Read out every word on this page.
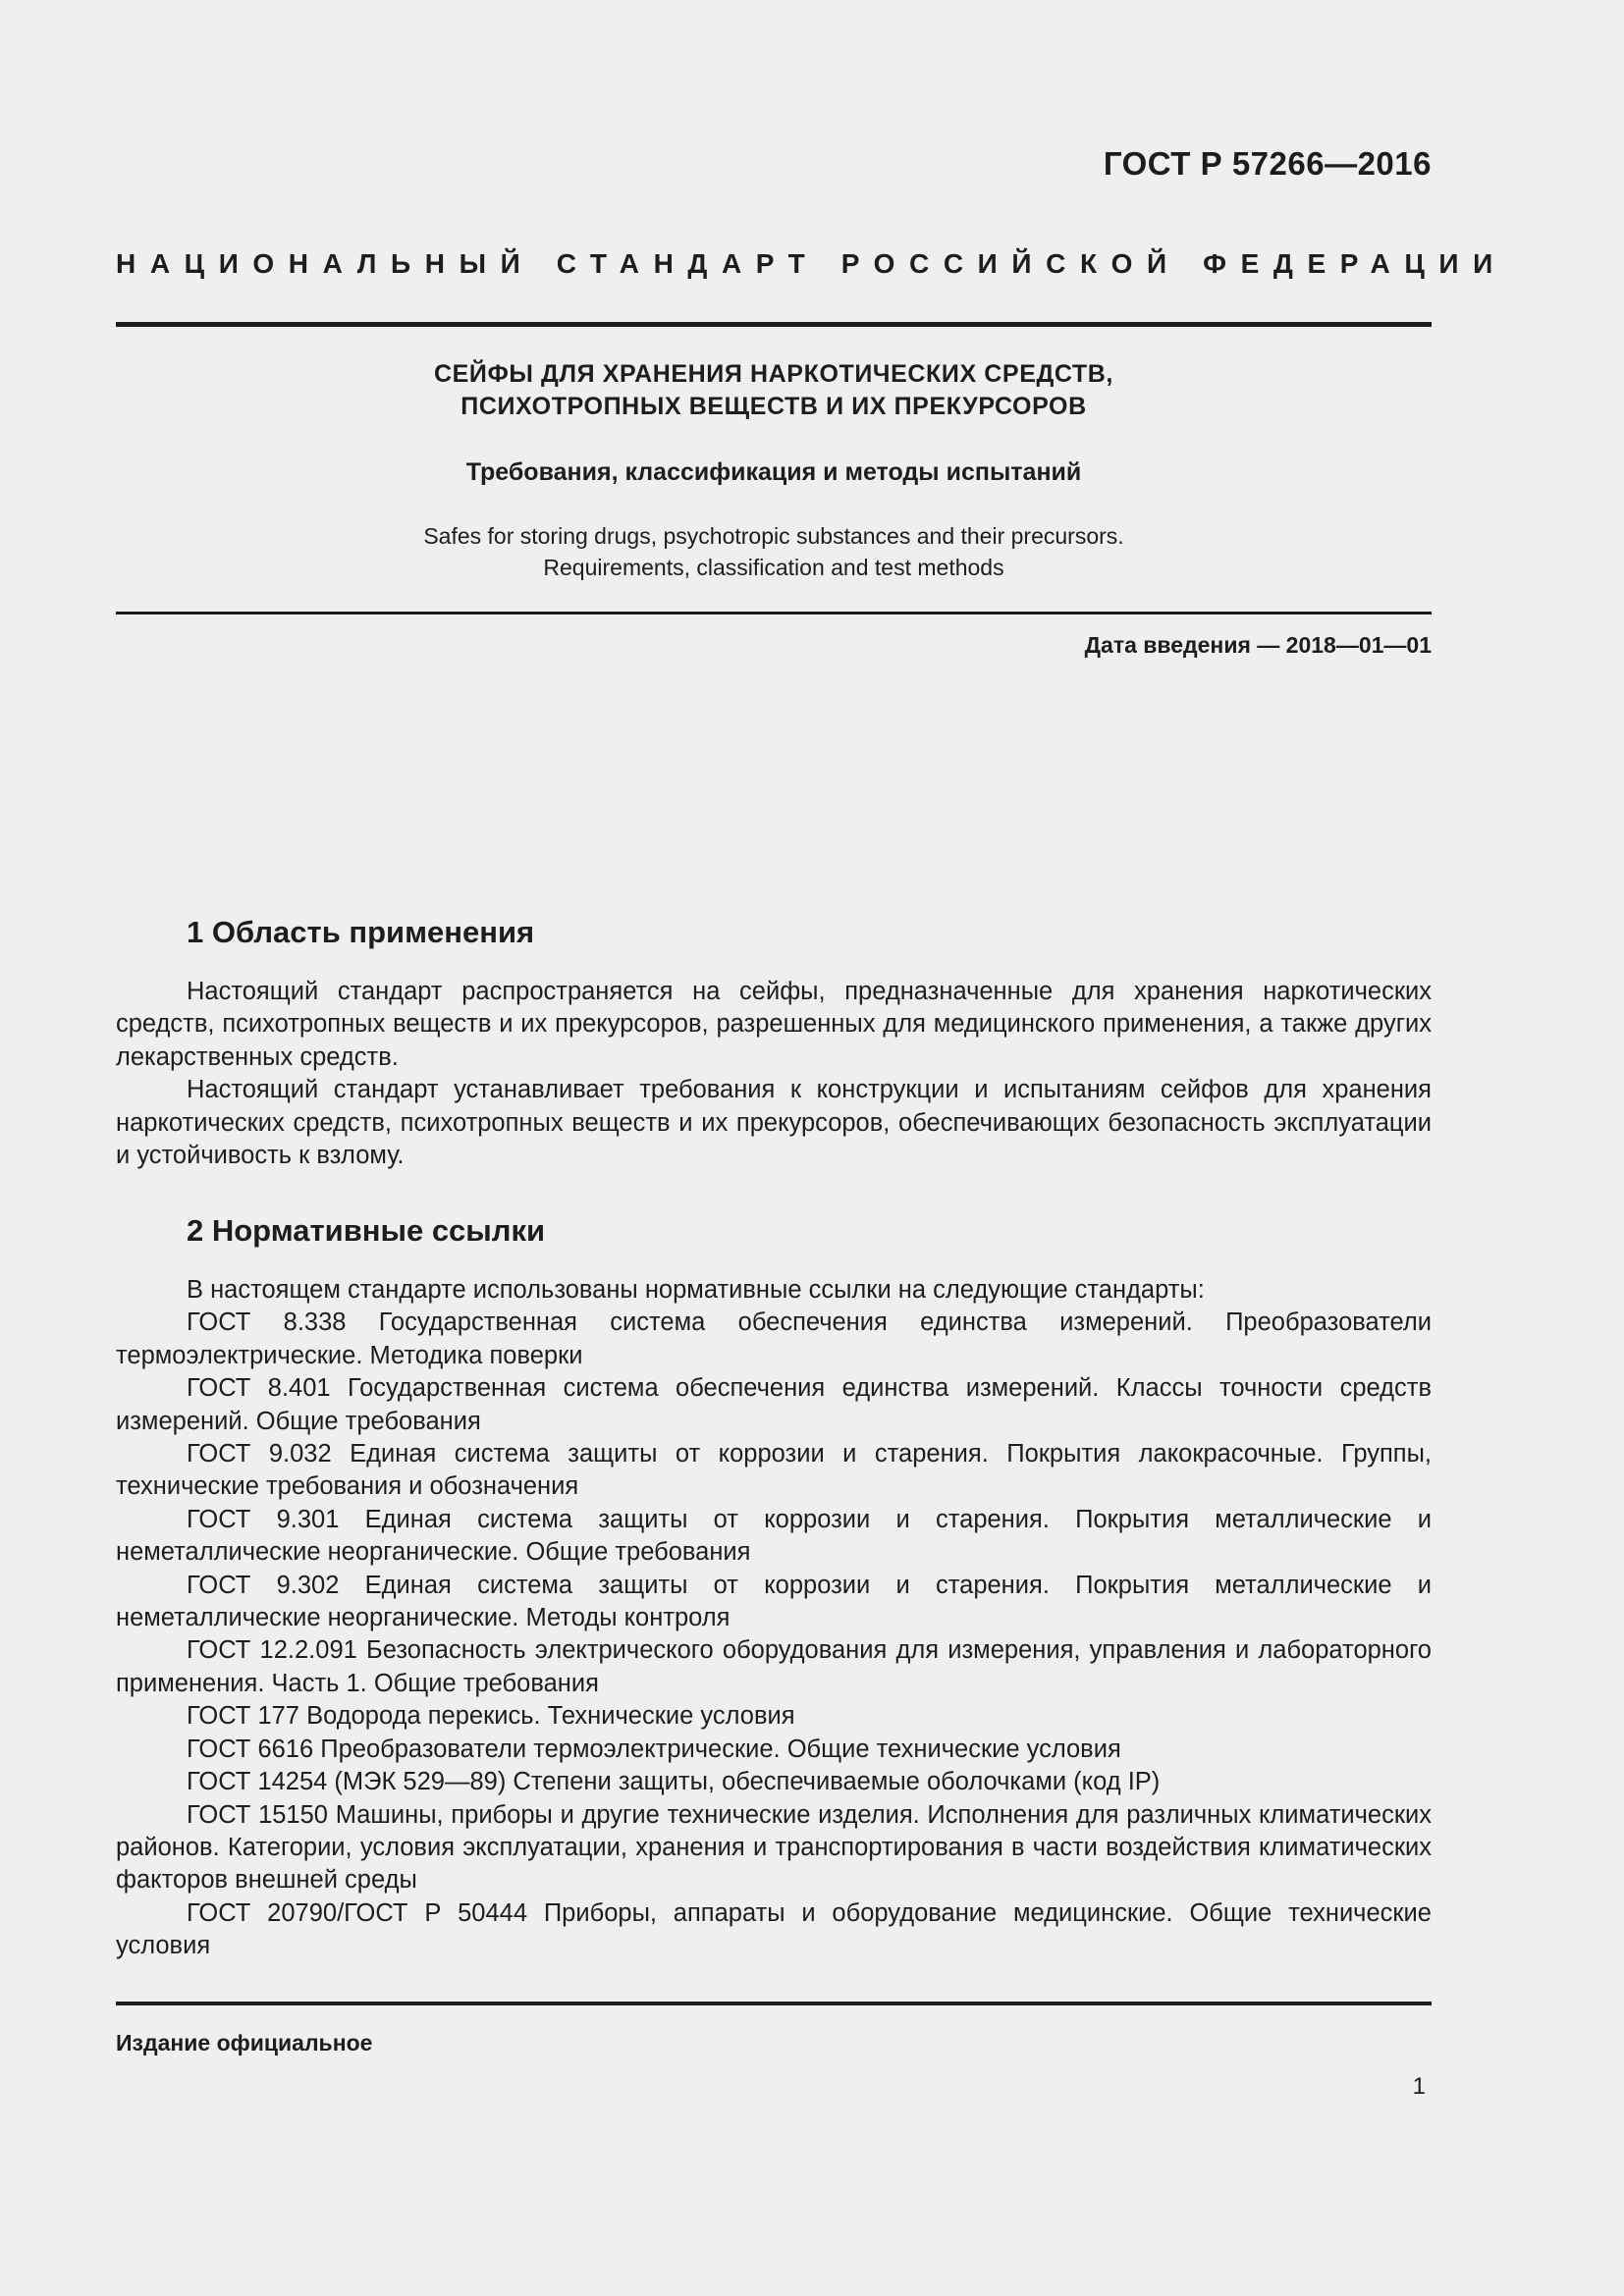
ГОСТ Р 57266—2016
НАЦИОНАЛЬНЫЙ СТАНДАРТ РОССИЙСКОЙ ФЕДЕРАЦИИ
СЕЙФЫ ДЛЯ ХРАНЕНИЯ НАРКОТИЧЕСКИХ СРЕДСТВ,
ПСИХОТРОПНЫХ ВЕЩЕСТВ И ИХ ПРЕКУРСОРОВ
Требования, классификация и методы испытаний
Safes for storing drugs, psychotropic substances and their precursors.
Requirements, classification and test methods
Дата введения — 2018—01—01
1 Область применения

Настоящий стандарт распространяется на сейфы, предназначенные для хранения наркотических средств, психотропных веществ и их прекурсоров, разрешенных для медицинского применения, а также других лекарственных средств.

Настоящий стандарт устанавливает требования к конструкции и испытаниям сейфов для хранения наркотических средств, психотропных веществ и их прекурсоров, обеспечивающих безопасность эксплуатации и устойчивость к взлому.

2 Нормативные ссылки

В настоящем стандарте использованы нормативные ссылки на следующие стандарты:

ГОСТ 8.338 Государственная система обеспечения единства измерений. Преобразователи термоэлектрические. Методика поверки

ГОСТ 8.401 Государственная система обеспечения единства измерений. Классы точности средств измерений. Общие требования

ГОСТ 9.032 Единая система защиты от коррозии и старения. Покрытия лакокрасочные. Группы, технические требования и обозначения

ГОСТ 9.301 Единая система защиты от коррозии и старения. Покрытия металлические и неметаллические неорганические. Общие требования

ГОСТ 9.302 Единая система защиты от коррозии и старения. Покрытия металлические и неметаллические неорганические. Методы контроля

ГОСТ 12.2.091 Безопасность электрического оборудования для измерения, управления и лабораторного применения. Часть 1. Общие требования

ГОСТ 177 Водорода перекись. Технические условия

ГОСТ 6616 Преобразователи термоэлектрические. Общие технические условия

ГОСТ 14254 (МЭК 529—89) Степени защиты, обеспечиваемые оболочками (код IP)

ГОСТ 15150 Машины, приборы и другие технические изделия. Исполнения для различных климатических районов. Категории, условия эксплуатации, хранения и транспортирования в части воздействия климатических факторов внешней среды

ГОСТ 20790/ГОСТ Р 50444 Приборы, аппараты и оборудование медицинские. Общие технические условия

Издание официальное
1
